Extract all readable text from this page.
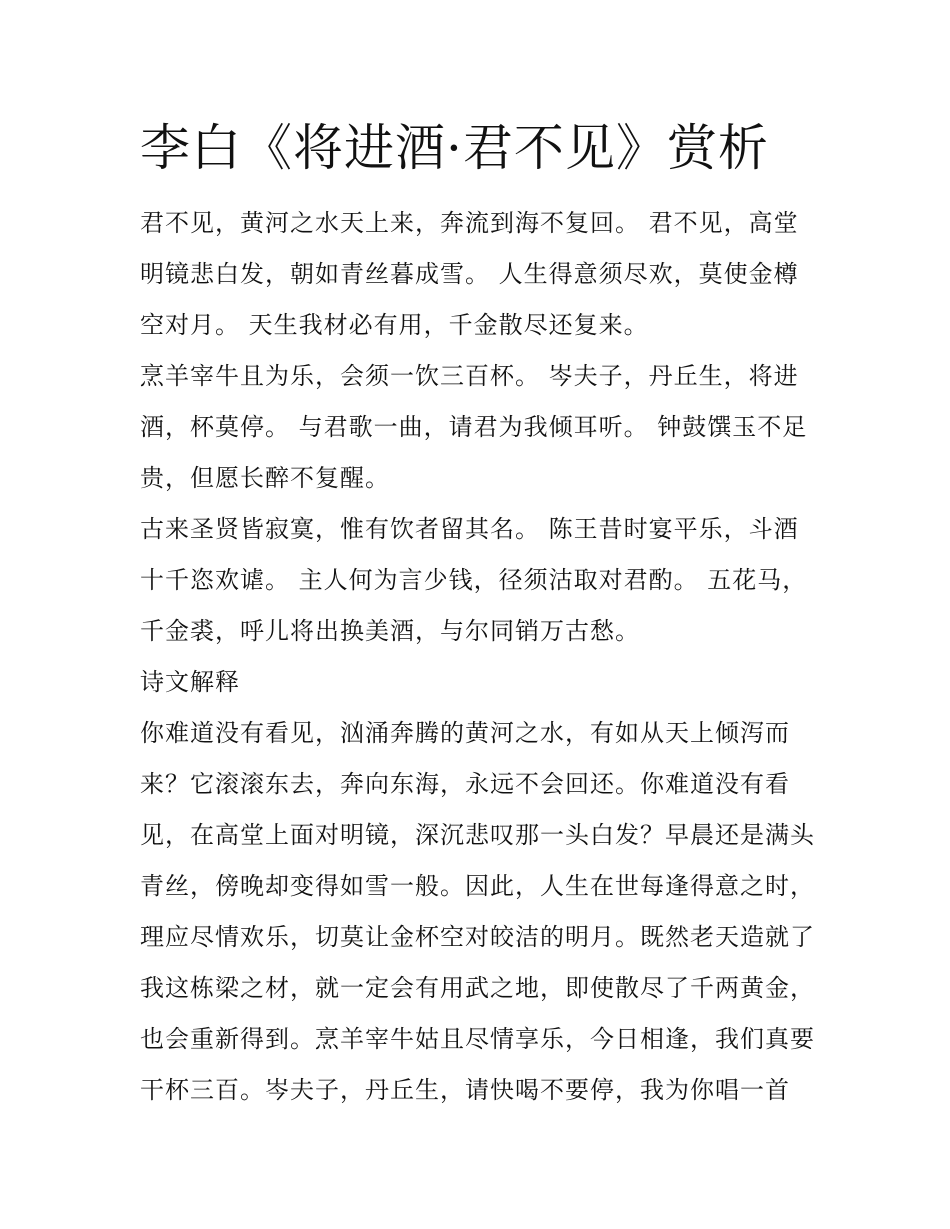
李白《将进酒·君不见》赏析

君不见，黄河之水天上来，奔流到海不复回。 君不见，高堂
明镜悲白发，朝如青丝暮成雪。 人生得意须尽欢，莫使金樽
空对月。 天生我材必有用，千金散尽还复来。

烹羊宰牛且为乐，会须一饮三百杯。 岑夫子，丹丘生，将进
酒，杯莫停。 与君歌一曲，请君为我倾耳听。 钟鼓馔玉不足
贵，但愿长醉不复醒。

古来圣贤皆寂寞，惟有饮者留其名。 陈王昔时宴平乐，斗酒
十千恣欢谑。 主人何为言少钱，径须沽取对君酌。 五花马，
千金裘，呼儿将出换美酒，与尔同销万古愁。

诗文解释

你难道没有看见，汹涌奔腾的黄河之水，有如从天上倾泻而
来？它滚滚东去，奔向东海，永远不会回还。你难道没有看
见，在高堂上面对明镜，深沉悲叹那一头白发？早晨还是满头
青丝，傍晚却变得如雪一般。因此，人生在世每逢得意之时，
理应尽情欢乐，切莫让金杯空对皎洁的明月。既然老天造就了
我这栋梁之材，就一定会有用武之地，即使散尽了千两黄金，
也会重新得到。烹羊宰牛姑且尽情享乐，今日相逢，我们真要
干杯三百。岑夫子，丹丘生，请快喝不要停，我为你唱一首
